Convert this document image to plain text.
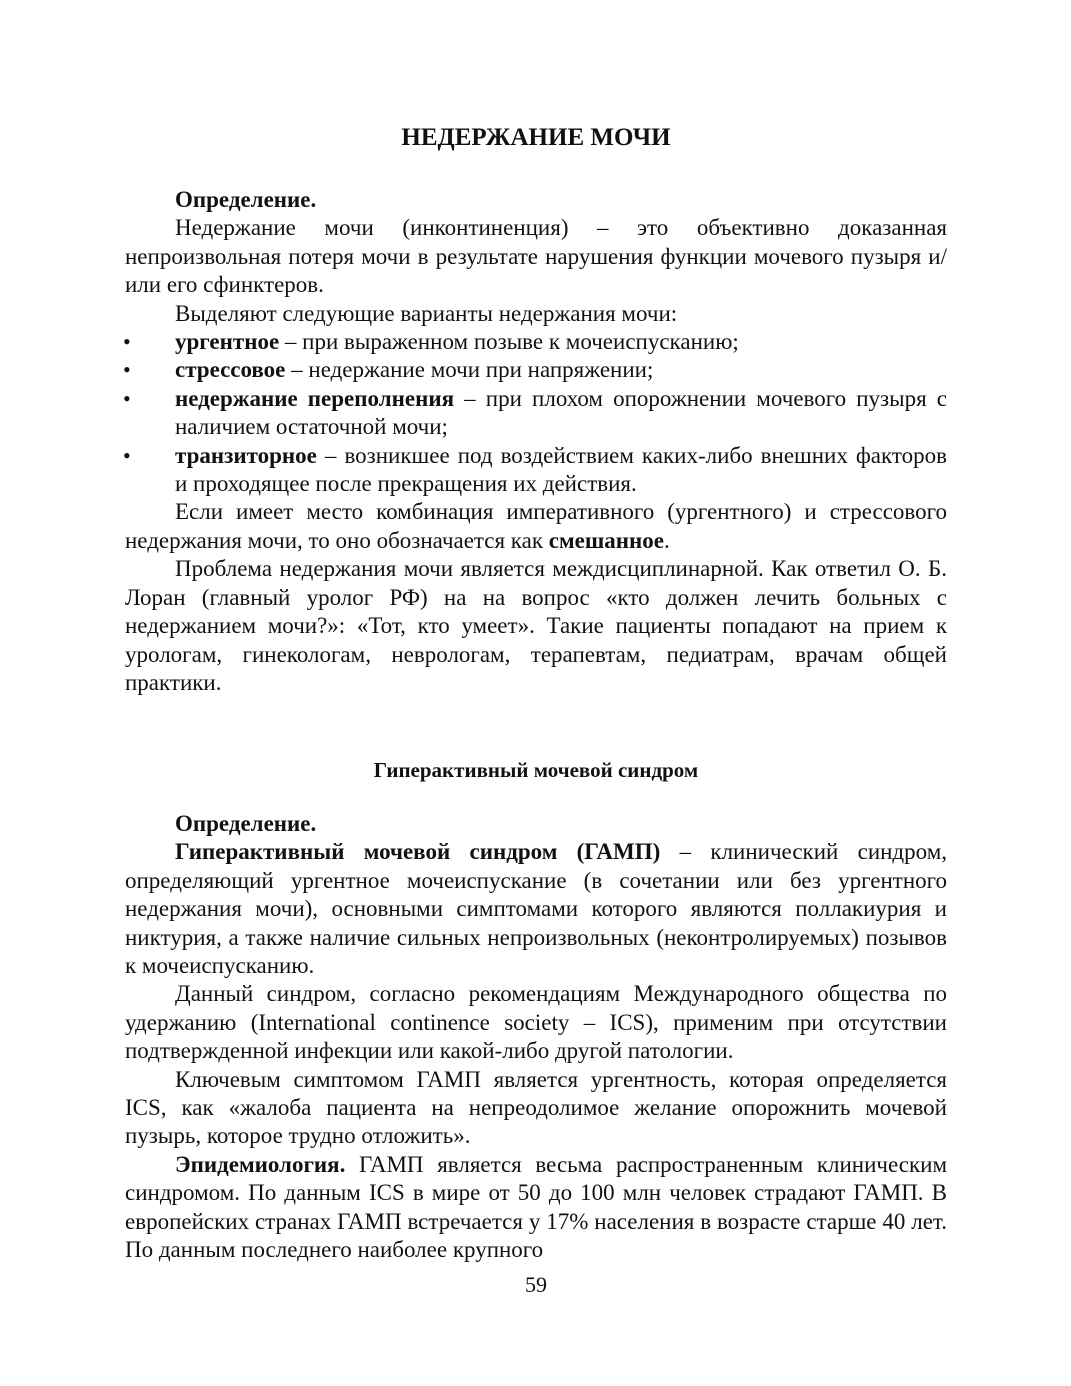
НЕДЕРЖАНИЕ МОЧИ

Определение.

Недержание мочи (инконтиненция) – это объективно доказанная непроизвольная потеря мочи в результате нарушения функции мочевого пузыря и/или его сфинктеров.

Выделяют следующие варианты недержания мочи:

• ургентное – при выраженном позыве к мочеиспусканию;
• стрессовое – недержание мочи при напряжении;
• недержание переполнения – при плохом опорожнении мочевого пузыря с наличием остаточной мочи;
• транзиторное – возникшее под воздействием каких-либо внешних факторов и проходящее после прекращения их действия.

Если имеет место комбинация императивного (ургентного) и стрессового недержания мочи, то оно обозначается как смешанное.

Проблема недержания мочи является междисциплинарной. Как ответил О. Б. Лоран (главный уролог РФ) на на вопрос «кто должен лечить больных с недержанием мочи?»: «Тот, кто умеет». Такие пациенты попадают на прием к урологам, гинекологам, неврологам, терапевтам, педиатрам, врачам общей практики.

Гиперактивный мочевой синдром

Определение.

Гиперактивный мочевой синдром (ГАМП) – клинический синдром, определяющий ургентное мочеиспускание (в сочетании или без ургентного недержания мочи), основными симптомами которого являются поллакиурия и никтурия, а также наличие сильных непроизвольных (неконтролируемых) позывов к мочеиспусканию.

Данный синдром, согласно рекомендациям Международного общества по удержанию (International continence society – ICS), применим при отсутствии подтвержденной инфекции или какой-либо другой патологии.

Ключевым симптомом ГАМП является ургентность, которая определяется ICS, как «жалоба пациента на непреодолимое желание опорожнить мочевой пузырь, которое трудно отложить».

Эпидемиология. ГАМП является весьма распространенным клиническим синдромом. По данным ICS в мире от 50 до 100 млн человек страдают ГАМП. В европейских странах ГАМП встречается у 17% населения в возрасте старше 40 лет. По данным последнего наиболее крупного

59
